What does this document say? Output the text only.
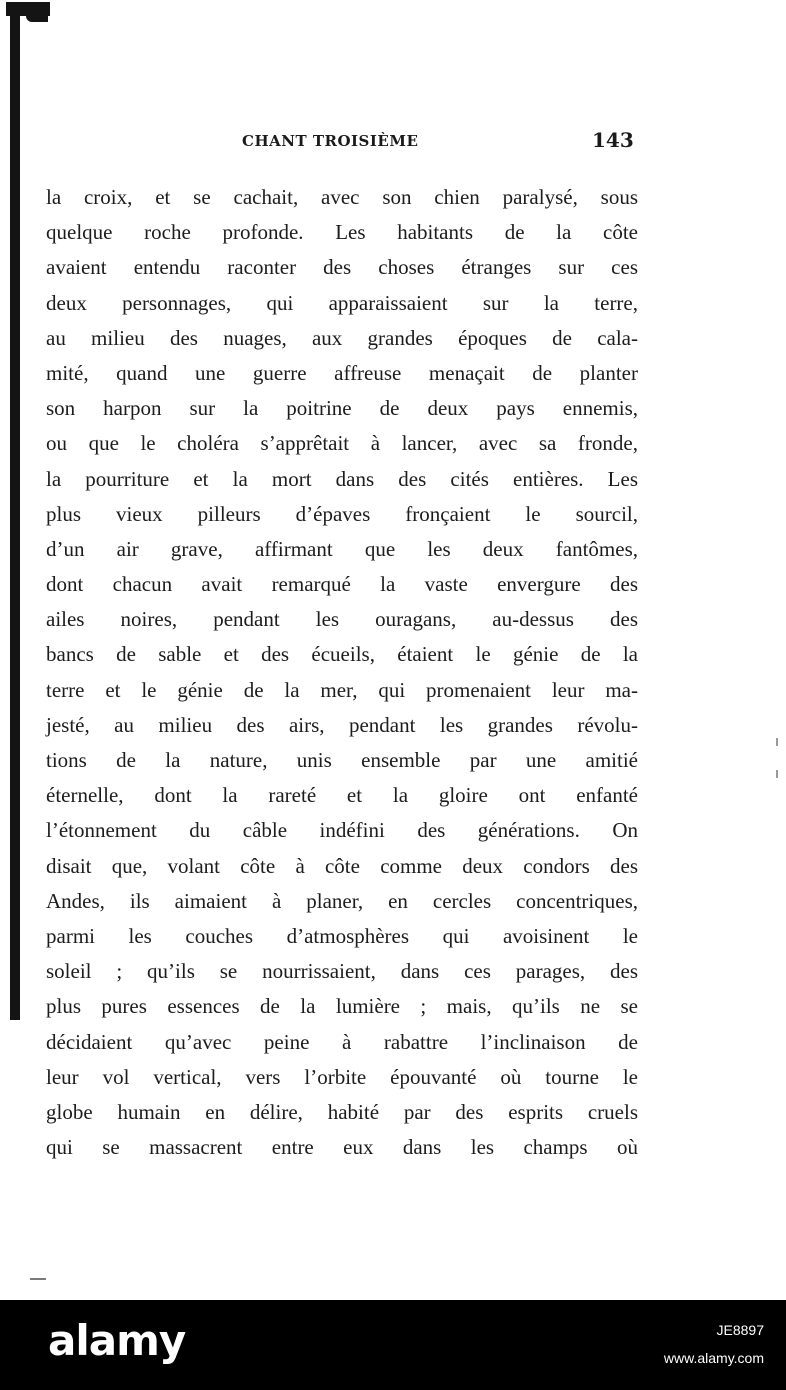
CHANT TROISIÈME	143
la croix, et se cachait, avec son chien paralysé, sous
quelque roche profonde. Les habitants de la côte
avaient entendu raconter des choses étranges sur ces
deux personnages, qui apparaissaient sur la terre,
au milieu des nuages, aux grandes époques de cala-
mité, quand une guerre affreuse menaçait de planter
son harpon sur la poitrine de deux pays ennemis,
ou que le choléra s’apprêtait à lancer, avec sa fronde,
la pourriture et la mort dans des cités entières. Les
plus vieux pilleurs d’épaves fronçaient le sourcil,
d’un air grave, affirmant que les deux fantômes,
dont chacun avait remarqué la vaste envergure des
ailes noires, pendant les ouragans, au-dessus des
bancs de sable et des écueils, étaient le génie de la
terre et le génie de la mer, qui promenaient leur ma-
jesté, au milieu des airs, pendant les grandes révolu-
tions de la nature, unis ensemble par une amitié
éternelle, dont la rareté et la gloire ont enfanté
l’étonnement du câble indéfini des générations. On
disait que, volant côte à côte comme deux condors des
Andes, ils aimaient à planer, en cercles concentriques,
parmi les couches d’atmosphères qui avoisinent le
soleil ; qu’ils se nourrissaient, dans ces parages, des
plus pures essences de la lumière ; mais, qu’ils ne se
décidaient qu’avec peine à rabattre l’inclinaison de
leur vol vertical, vers l’orbite épouvanté où tourne le
globe humain en délire, habité par des esprits cruels
qui se massacrent entre eux dans les champs où
alamy	JE8897
www.alamy.com
